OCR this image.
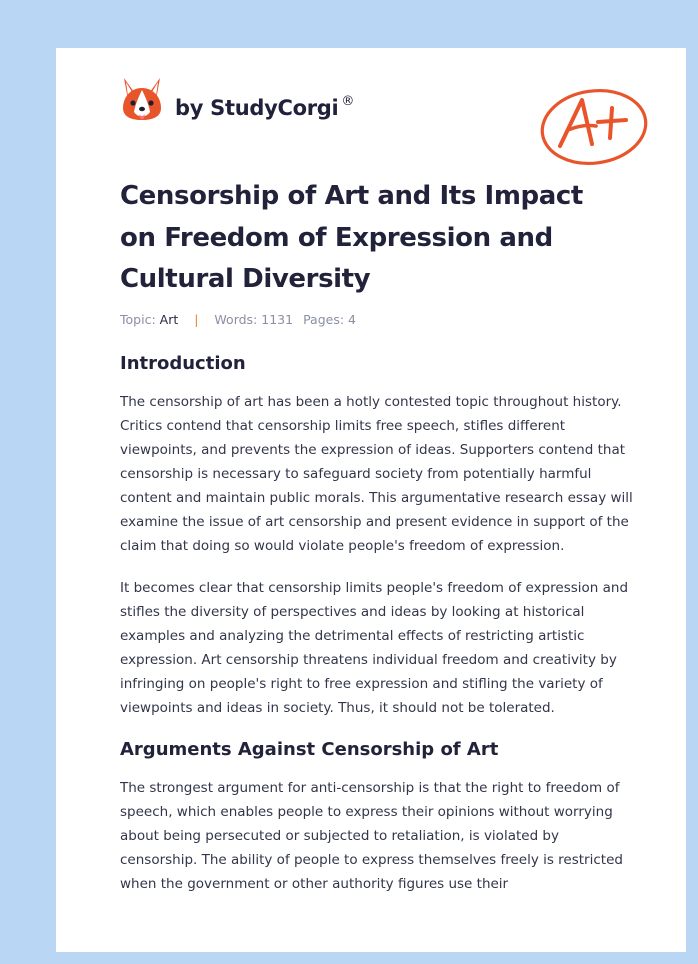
by StudyCorgi ®
Censorship of Art and Its Impact on Freedom of Expression and Cultural Diversity
Topic: Art | Words: 1131 Pages: 4
Introduction

The censorship of art has been a hotly contested topic throughout history. Critics contend that censorship limits free speech, stifles different viewpoints, and prevents the expression of ideas. Supporters contend that censorship is necessary to safeguard society from potentially harmful content and maintain public morals. This argumentative research essay will examine the issue of art censorship and present evidence in support of the claim that doing so would violate people's freedom of expression.

It becomes clear that censorship limits people's freedom of expression and stifles the diversity of perspectives and ideas by looking at historical examples and analyzing the detrimental effects of restricting artistic expression. Art censorship threatens individual freedom and creativity by infringing on people's right to free expression and stifling the variety of viewpoints and ideas in society. Thus, it should not be tolerated.

Arguments Against Censorship of Art

The strongest argument for anti-censorship is that the right to freedom of speech, which enables people to express their opinions without worrying about being persecuted or subjected to retaliation, is violated by censorship. The ability of people to express themselves freely is restricted when the government or other authority figures use their
